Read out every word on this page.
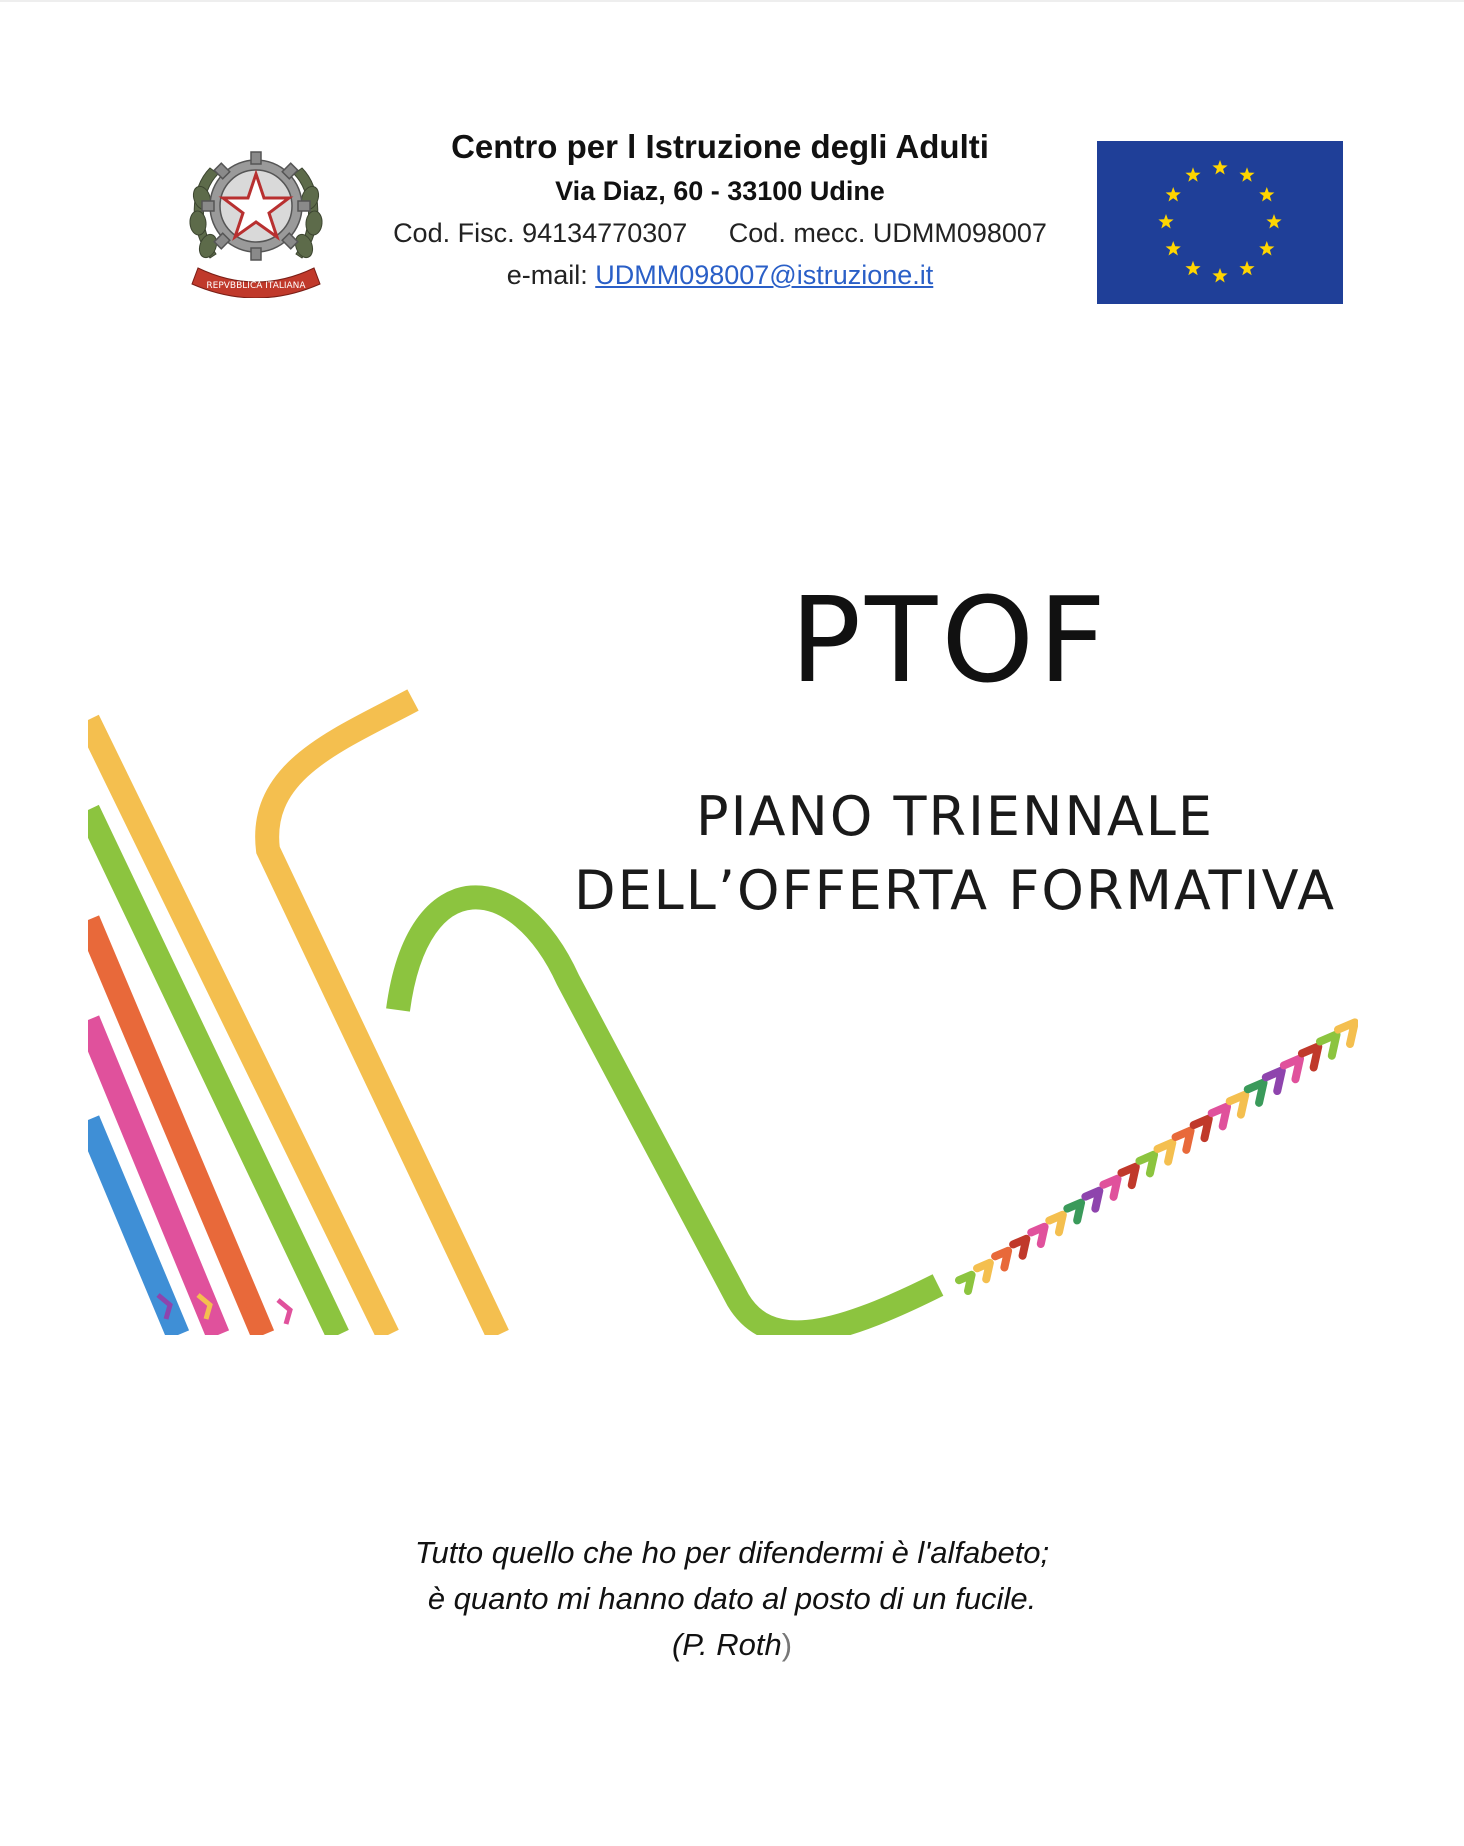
REPVBBLICA ITALIANA
Centro per l Istruzione degli Adulti
Via Diaz, 60 - 33100 Udine
Cod. Fisc. 94134770307 Cod. mecc. UDMM098007
e-mail: UDMM098007@istruzione.it
PTOF
PIANO TRIENNALE
DELL’OFFERTA FORMATIVA
Tutto quello che ho per difendermi è l'alfabeto;
è quanto mi hanno dato al posto di un fucile.
(P. Roth)
